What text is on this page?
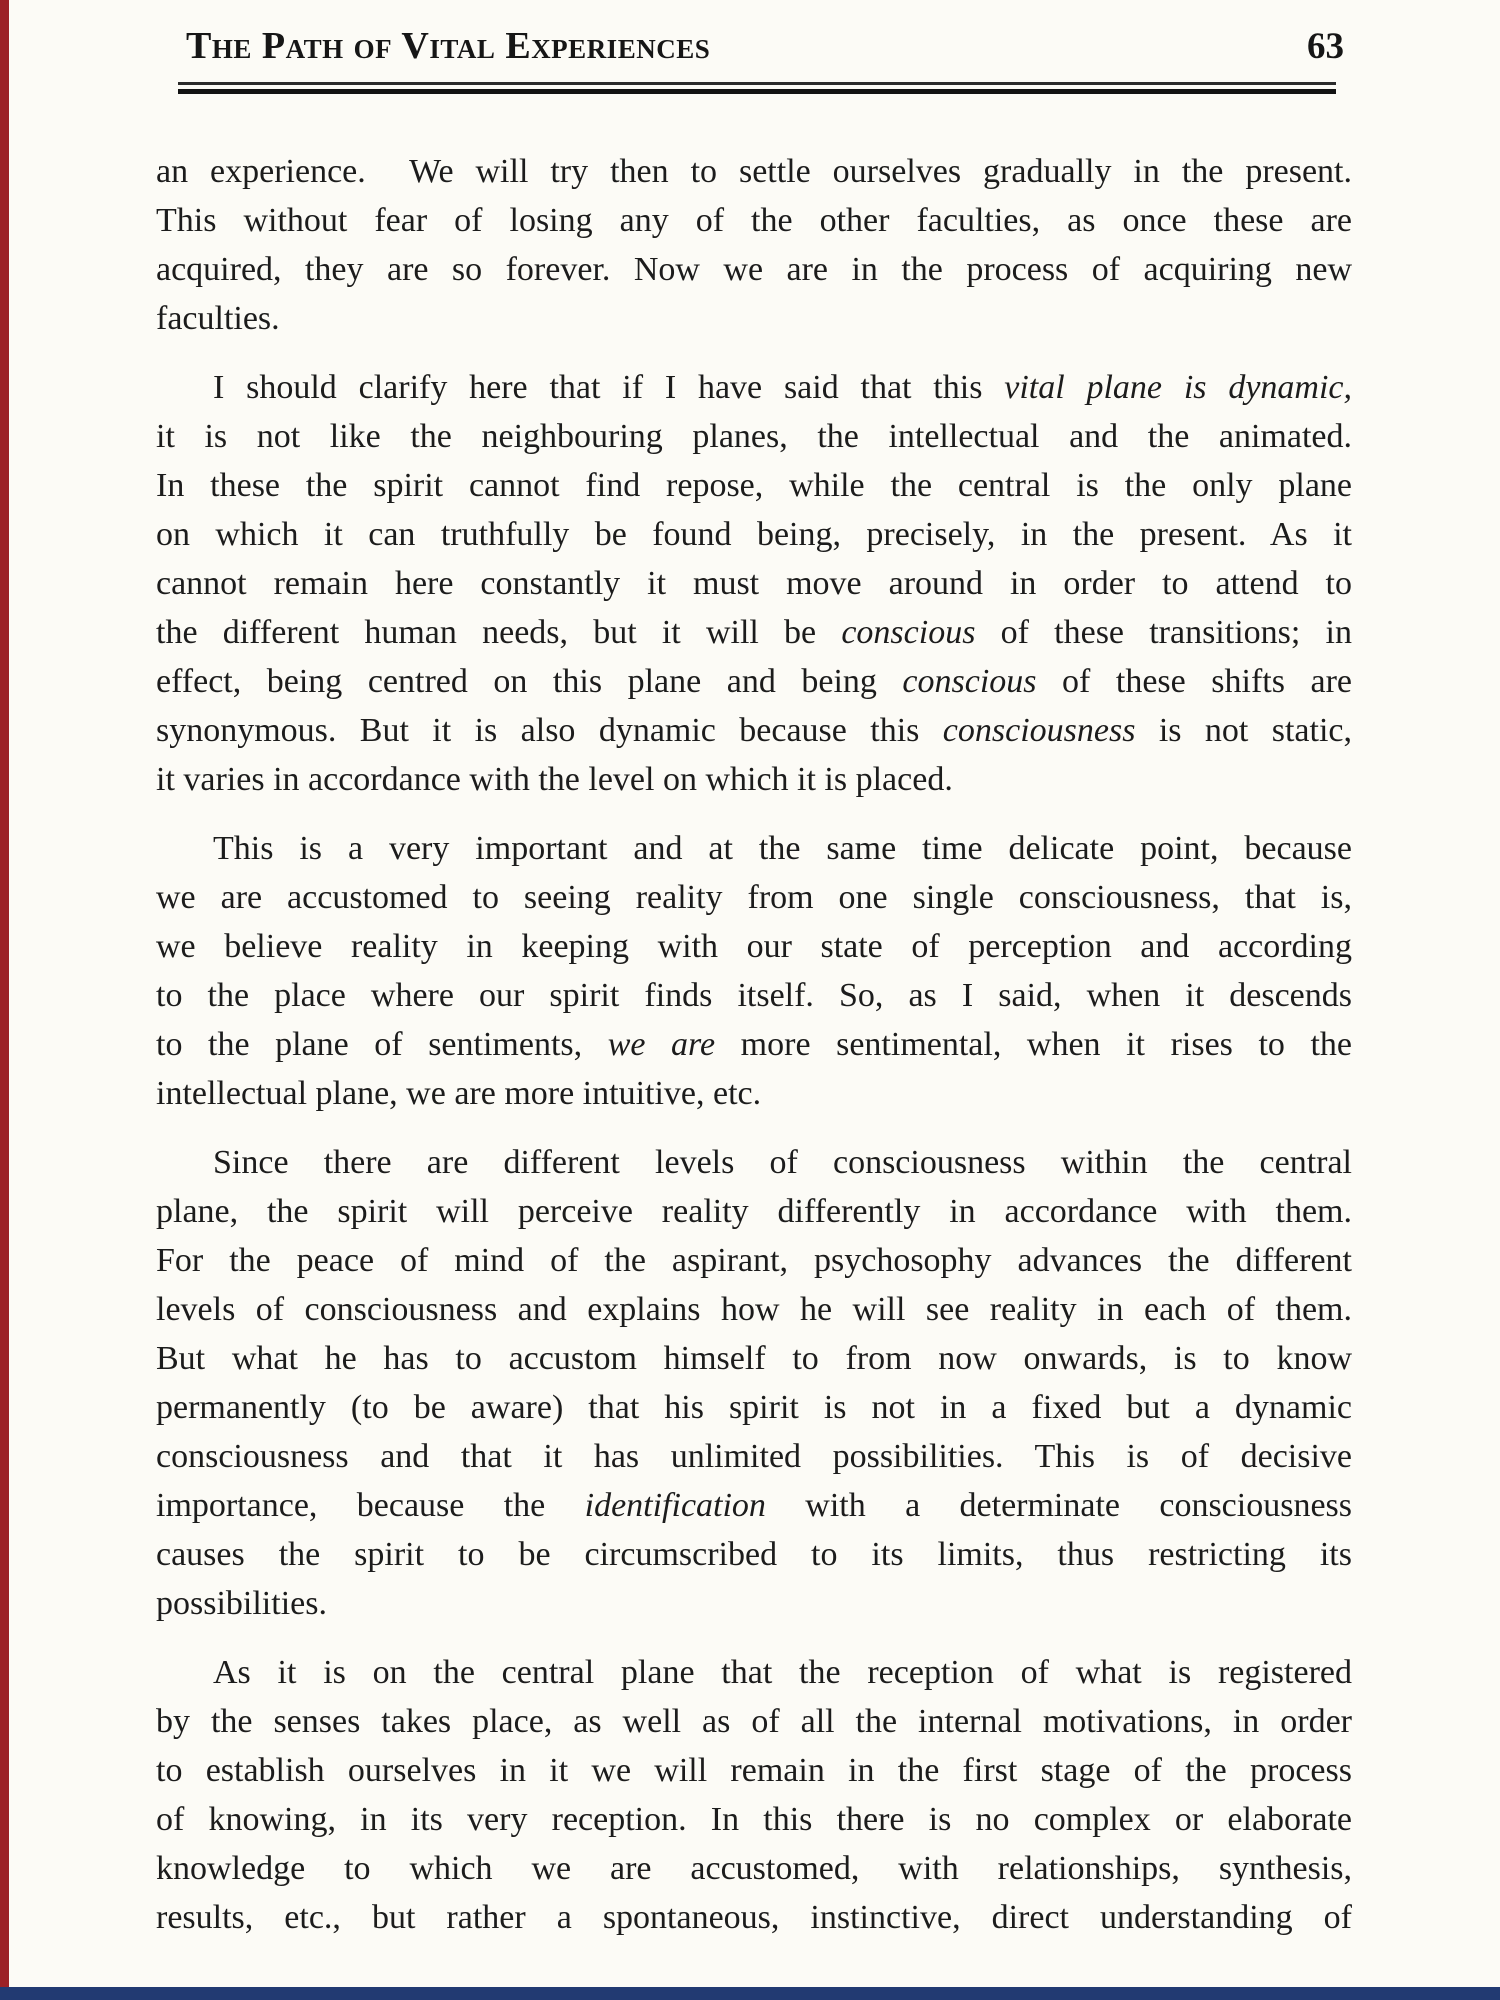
The Path of Vital Experiences	63
an experience.  We will try then to settle ourselves gradually in the present.
This without fear of losing any of the other faculties, as once these are
acquired, they are so forever. Now we are in the process of acquiring new
faculties.
I should clarify here that if I have said that this vital plane is dynamic,
it is not like the neighbouring planes, the intellectual and the animated.
In these the spirit cannot find repose, while the central is the only plane
on which it can truthfully be found being, precisely, in the present. As it
cannot remain here constantly it must move around in order to attend to
the different human needs, but it will be conscious of these transitions; in
effect, being centred on this plane and being conscious of these shifts are
synonymous. But it is also dynamic because this consciousness is not static,
it varies in accordance with the level on which it is placed.
This is a very important and at the same time delicate point, because
we are accustomed to seeing reality from one single consciousness, that is,
we believe reality in keeping with our state of perception and according
to the place where our spirit finds itself. So, as I said, when it descends
to the plane of sentiments, we are more sentimental, when it rises to the
intellectual plane, we are more intuitive, etc.
Since there are different levels of consciousness within the central
plane, the spirit will perceive reality differently in accordance with them.
For the peace of mind of the aspirant, psychosophy advances the different
levels of consciousness and explains how he will see reality in each of them.
But what he has to accustom himself to from now onwards, is to know
permanently (to be aware) that his spirit is not in a fixed but a dynamic
consciousness and that it has unlimited possibilities. This is of decisive
importance, because the identification with a determinate consciousness
causes the spirit to be circumscribed to its limits, thus restricting its
possibilities.
As it is on the central plane that the reception of what is registered
by the senses takes place, as well as of all the internal motivations, in order
to establish ourselves in it we will remain in the first stage of the process
of knowing, in its very reception. In this there is no complex or elaborate
knowledge to which we are accustomed, with relationships, synthesis,
results, etc., but rather a spontaneous, instinctive, direct understanding of
